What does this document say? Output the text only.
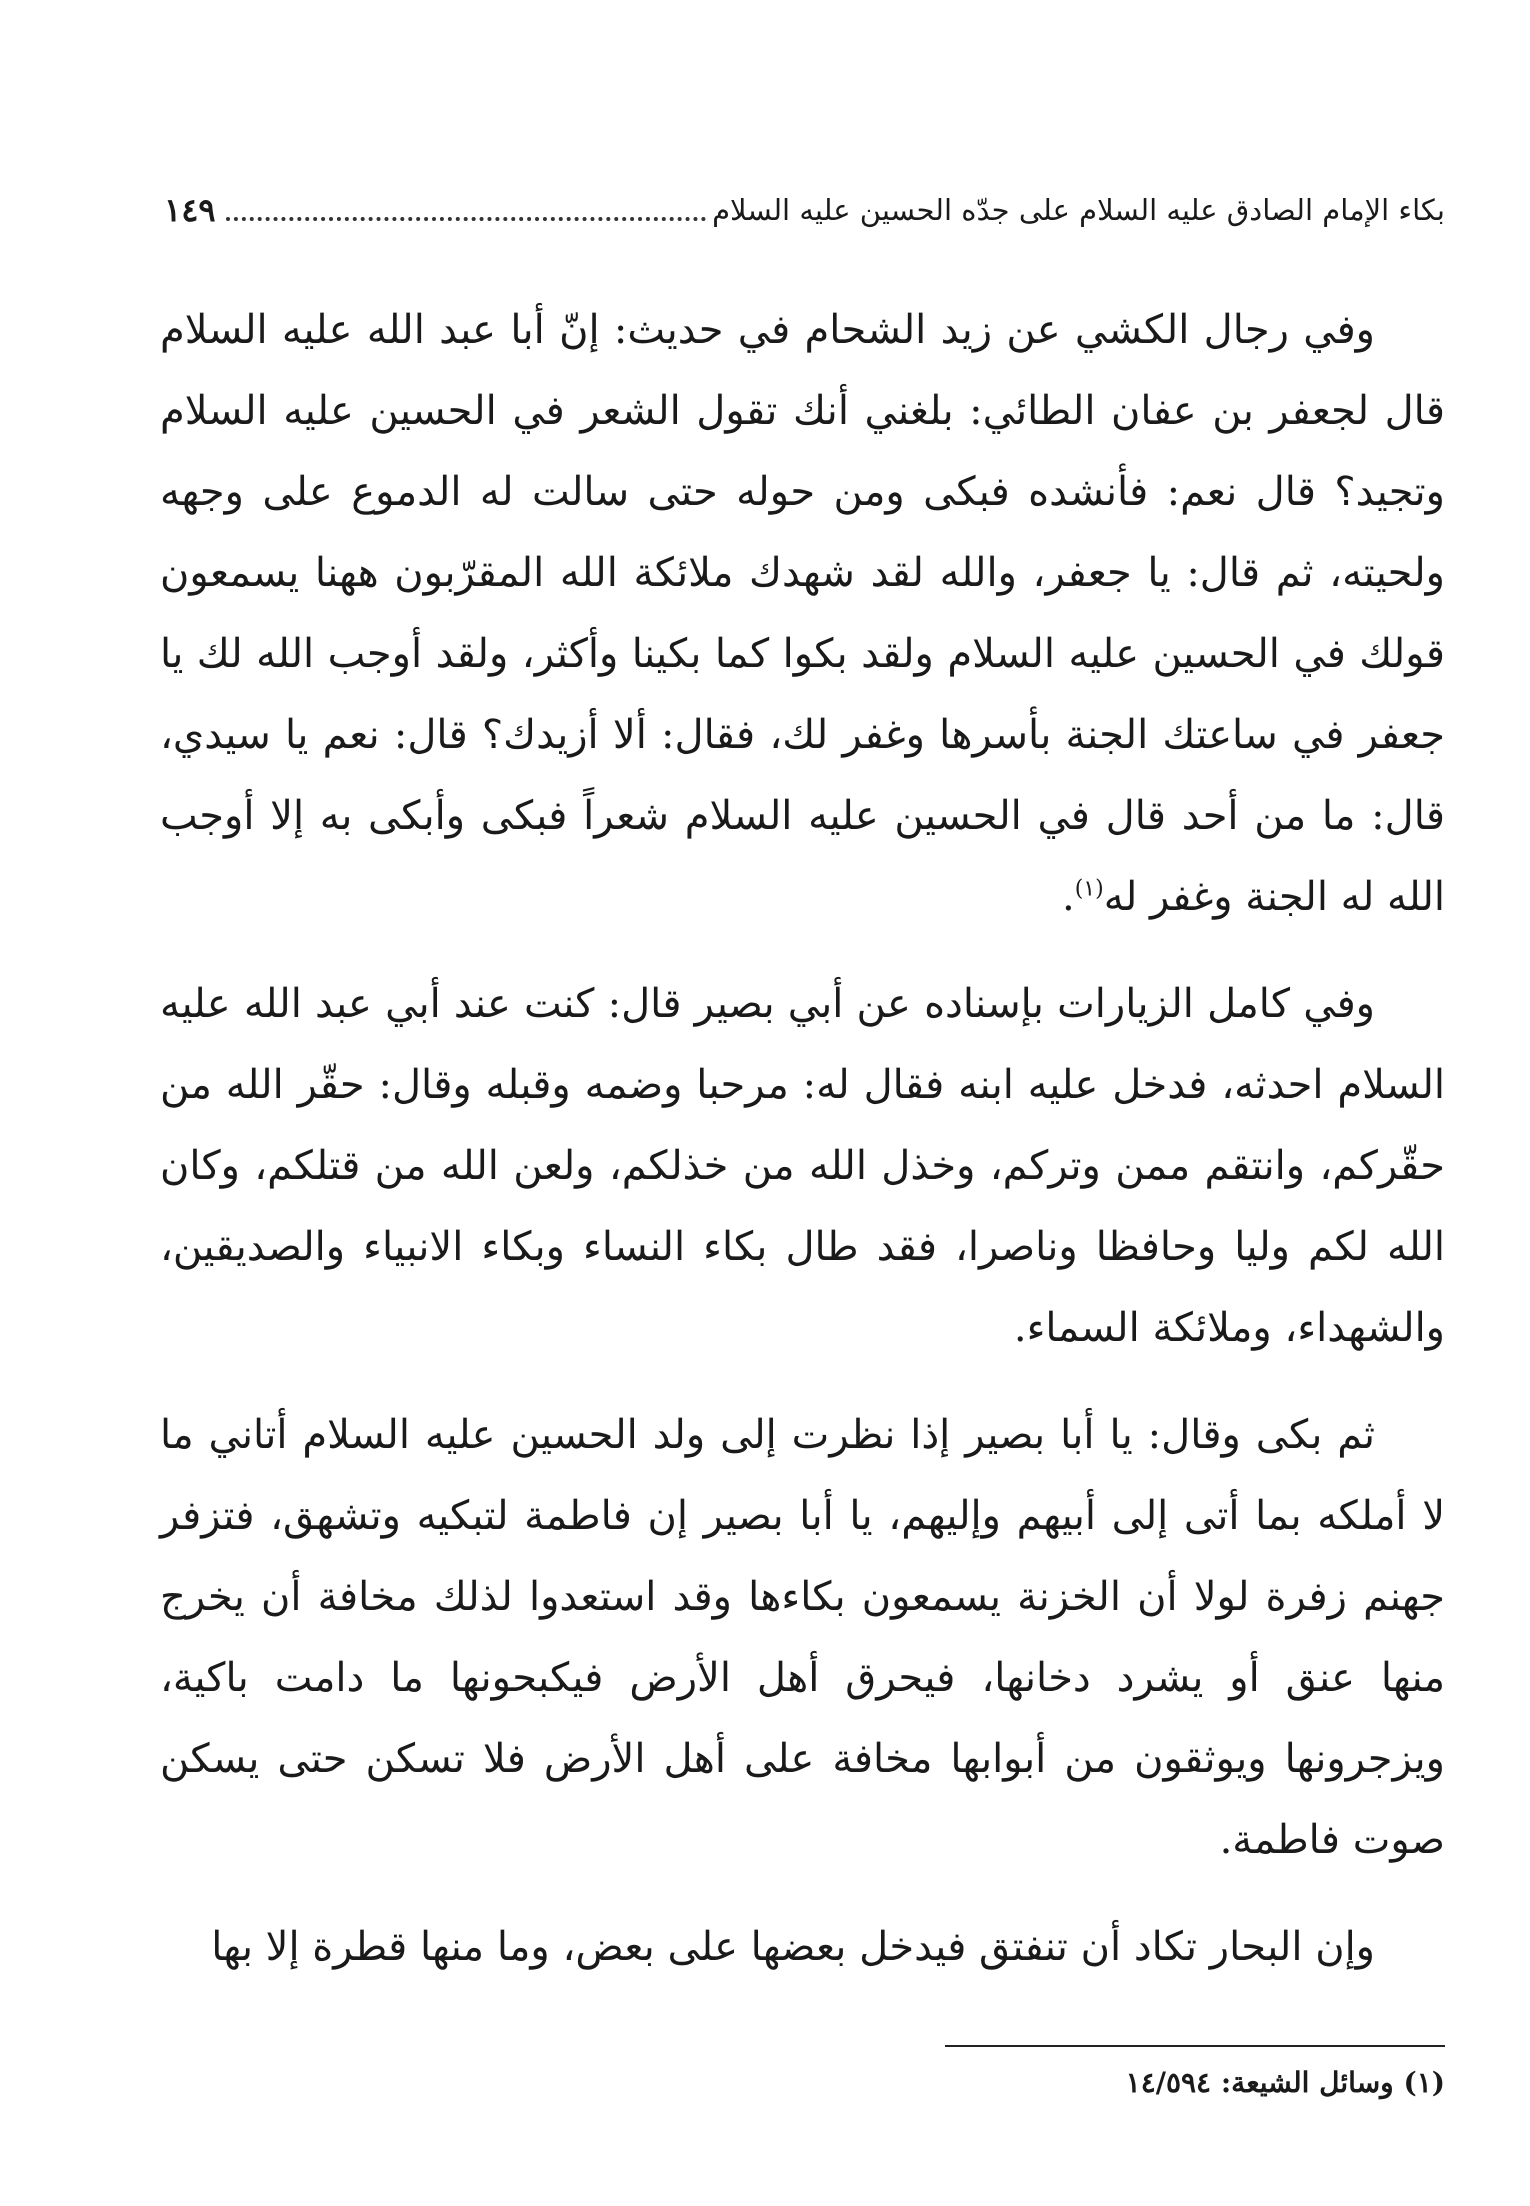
بكاء الإمام الصادق عليه السلام على جدّه الحسين عليه السلام
١٤٩

وفي رجال الكشي عن زيد الشحام في حديث: إنّ أبا عبد الله عليه السلام قال لجعفر بن عفان الطائي: بلغني أنك تقول الشعر في الحسين عليه السلام وتجيد؟ قال نعم: فأنشده فبكى ومن حوله حتى سالت له الدموع على وجهه ولحيته، ثم قال: يا جعفر، والله لقد شهدك ملائكة الله المقرّبون ههنا يسمعون قولك في الحسين عليه السلام ولقد بكوا كما بكينا وأكثر، ولقد أوجب الله لك يا جعفر في ساعتك الجنة بأسرها وغفر لك، فقال: ألا أزيدك؟ قال: نعم يا سيدي، قال: ما من أحد قال في الحسين عليه السلام شعراً فبكى وأبكى به إلا أوجب الله له الجنة وغفر له$^{(١)}$.

وفي كامل الزيارات بإسناده عن أبي بصير قال: كنت عند أبي عبد الله عليه السلام احدثه، فدخل عليه ابنه فقال له: مرحبا وضمه وقبله وقال: حقّر الله من حقّركم، وانتقم ممن وتركم، وخذل الله من خذلكم، ولعن الله من قتلكم، وكان الله لكم وليا وحافظا وناصرا، فقد طال بكاء النساء وبكاء الانبياء والصديقين، والشهداء، وملائكة السماء.

ثم بكى وقال: يا أبا بصير إذا نظرت إلى ولد الحسين عليه السلام أتاني ما لا أملكه بما أتى إلى أبيهم وإليهم، يا أبا بصير إن فاطمة لتبكيه وتشهق، فتزفر جهنم زفرة لولا أن الخزنة يسمعون بكاءها وقد استعدوا لذلك مخافة أن يخرج منها عنق أو يشرد دخانها، فيحرق أهل الأرض فيكبحونها ما دامت باكية، ويزجرونها ويوثقون من أبوابها مخافة على أهل الأرض فلا تسكن حتى يسكن صوت فاطمة.

وإن البحار تكاد أن تنفتق فيدخل بعضها على بعض، وما منها قطرة إلا بها

(١) وسائل الشيعة: ١٤/٥٩٤
